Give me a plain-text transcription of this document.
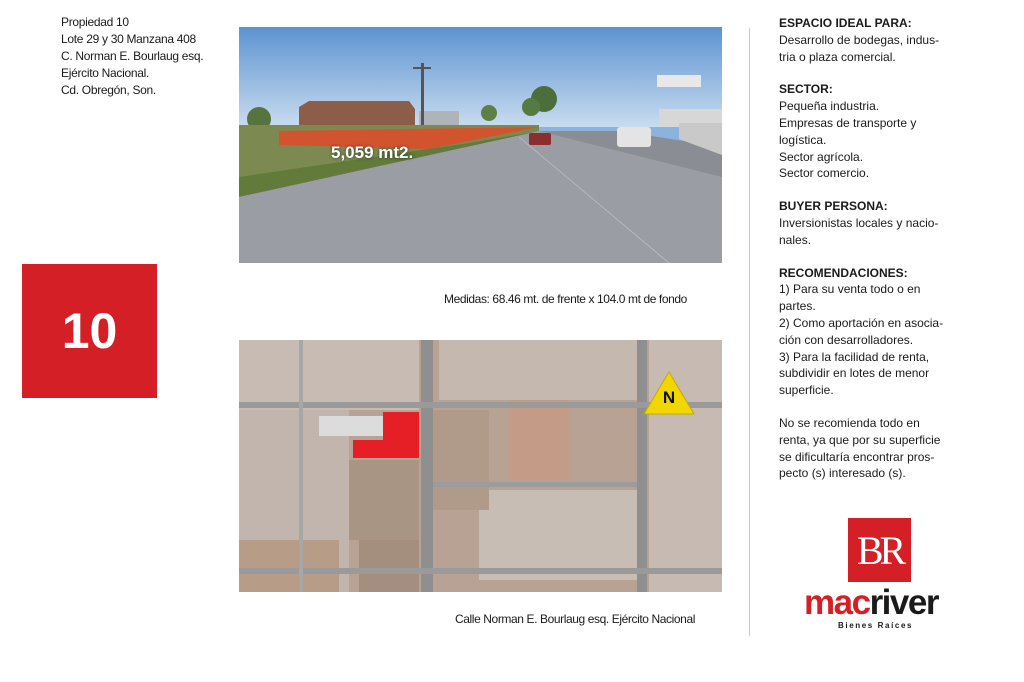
Propiedad 10
Lote 29 y 30 Manzana 408
C. Norman E. Bourlaug esq.
Ejército Nacional.
Cd. Obregón, Son.
10
5,059 mt2.
Medidas: 68.46 mt. de frente x 104.0 mt de fondo
N
Calle Norman E. Bourlaug esq. Ejército Nacional
ESPACIO IDEAL PARA:
Desarrollo de bodegas, indus-
tria o plaza comercial.
SECTOR:
Pequeña industria.
Empresas de transporte y
logística.
Sector agrícola.
Sector comercio.
BUYER PERSONA:
Inversionistas locales y nacio-
nales.
RECOMENDACIONES:
1) Para su venta todo o en
partes.
2) Como aportación en asocia-
ción con desarrolladores.
3) Para la facilidad de renta,
subdividir en lotes de menor
superficie.
No se recomienda todo en
renta, ya que por su superficie
se dificultaría encontrar pros-
pecto (s) interesado (s).
BR
macriver
Bienes Raíces
